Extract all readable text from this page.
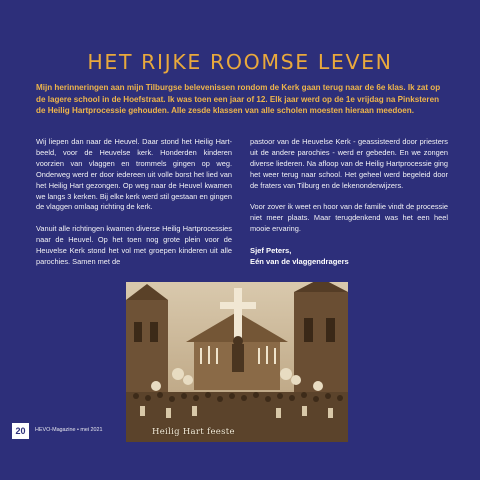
HET RIJKE ROOMSE LEVEN
Mijn herinneringen aan mijn Tilburgse belevenissen rondom de Kerk gaan terug naar de 6e klas. Ik zat op de lagere school in de Hoefstraat. Ik was toen een jaar of 12. Elk jaar werd op de 1e vrijdag na Pinksteren de Heilig Hartprocessie gehouden. Alle zesde klassen van alle scholen moesten hieraan meedoen.

Wij liepen dan naar de Heuvel. Daar stond het Heilig Hart-beeld, voor de Heuvelse kerk. Honderden kinderen voorzien van vlaggen en trommels gingen op weg. Onderweg werd er door iedereen uit volle borst het lied van het Heilig Hart gezongen. Op weg naar de Heuvel kwamen we langs 3 kerken. Bij elke kerk werd stil gestaan en gingen de vlaggen omlaag richting de kerk.

Vanuit alle richtingen kwamen diverse Heilig Hartprocessies naar de Heuvel. Op het toen nog grote plein voor de Heuvelse Kerk stond het vol met groepen kinderen uit alle parochies. Samen met de

pastoor van de Heuvelse Kerk - geassisteerd door priesters uit de andere parochies - werd er gebeden. En we zongen diverse liederen. Na afloop van de Heilig Hartprocessie ging het weer terug naar school. Het geheel werd begeleid door de fraters van Tilburg en de lekenonderwijzers.

Voor zover ik weet en hoor van de familie vindt de processie niet meer plaats. Maar terugdenkend was het een heel mooie ervaring.

Sjef Peters,
Eén van de vlaggendragers
Heilig Hart feeste
20	HEVO-Magazine • mei 2021
